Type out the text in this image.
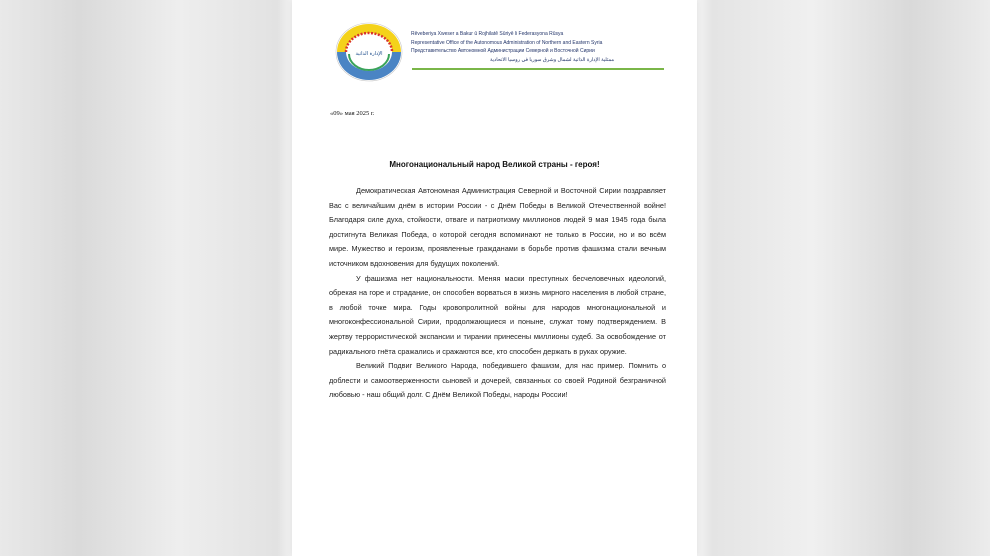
الإدارة الذاتية
Rêveberiya Xweser a Bakur û Rojhilatê Sûriyê li Federasyona Rûsya
Representative Office of the Autonomous Administration of Northern and Eastern Syria
Представительство Автономной Администрации Северной и Восточной Сирии
ممثلية الإدارة الذاتية لشمال وشرق سوريا في روسيا الاتحادية
«09» мая 2025 г.
Многонациональный народ Великой страны - героя!

Демократическая Автономная Администрация Северной и Восточной Сирии поздравляет Вас с величайшим днём в истории России - с Днём Победы в Великой Отечественной войне! Благодаря силе духа, стойкости, отваге и патриотизму миллионов людей 9 мая 1945 года была достигнута Великая Победа, о которой сегодня вспоминают не только в России, но и во всём мире. Мужество и героизм, проявленные гражданами в борьбе против фашизма стали вечным источником вдохновения для будущих поколений.

У фашизма нет национальности. Меняя маски преступных бесчеловечных идеологий, обрекая на горе и страдание, он способен ворваться в жизнь мирного населения в любой стране, в любой точке мира. Годы кровопролитной войны для народов многонациональной и многоконфессиональной Сирии, продолжающиеся и поныне, служат тому подтверждением. В жертву террористической экспансии и тирании принесены миллионы судеб. За освобождение от радикального гнёта сражались и сражаются все, кто способен держать в руках оружие.

Великий Подвиг Великого Народа, победившего фашизм, для нас пример. Помнить о доблести и самоотверженности сыновей и дочерей, связанных со своей Родиной безграничной любовью - наш общий долг. С Днём Великой Победы, народы России!
